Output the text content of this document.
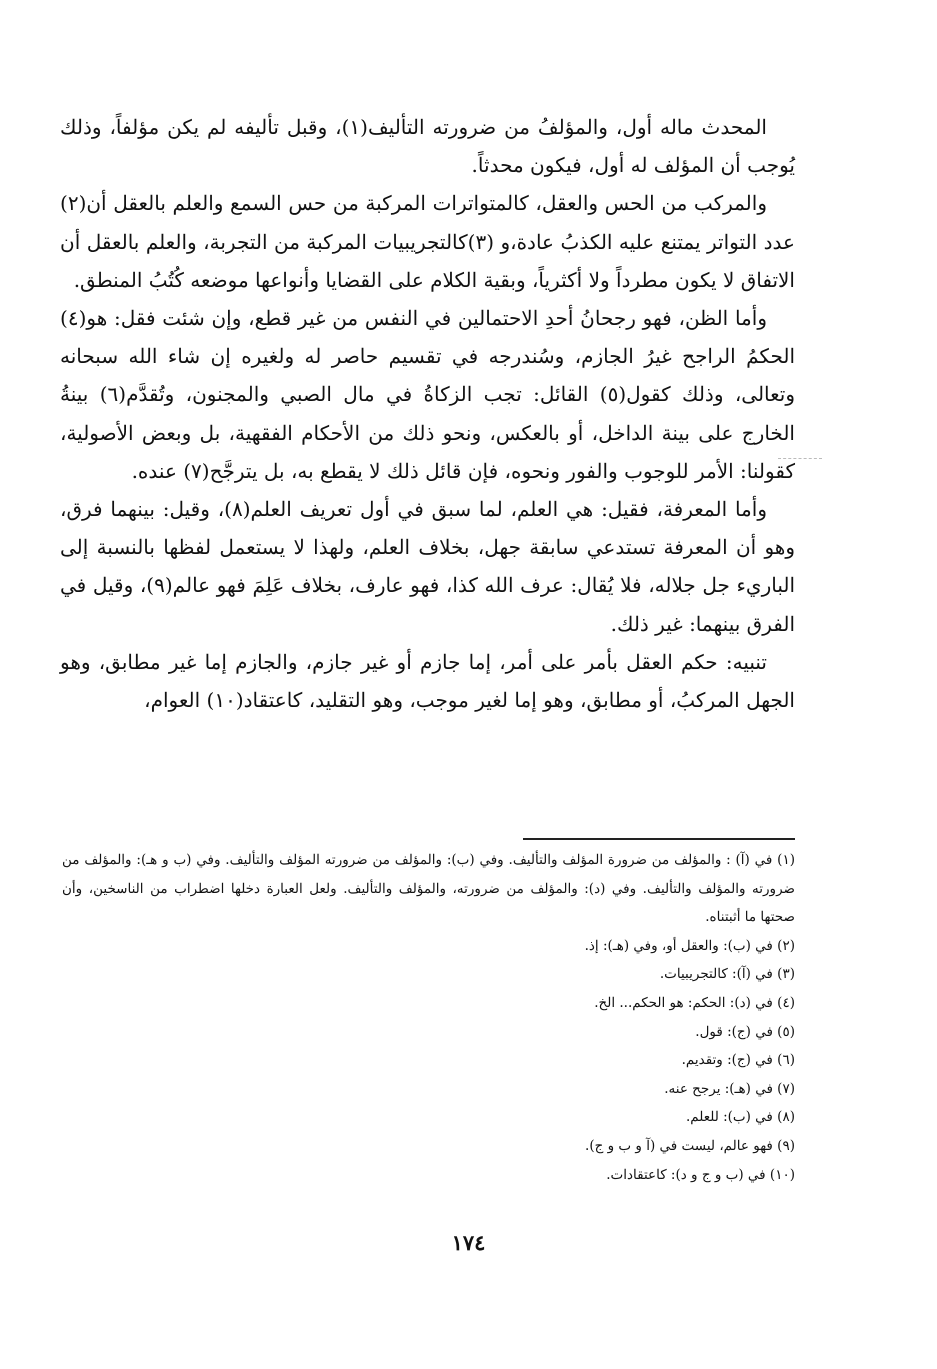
المحدث ماله أول، والمؤلفُ من ضرورته التأليف(١)، وقبل تأليفه لم يكن مؤلفاً، وذلك يُوجب أن المؤلف له أول، فيكون محدثاً.

والمركب من الحس والعقل، كالمتواترات المركبة من حس السمع والعلم بالعقل أن(٢) عدد التواتر يمتنع عليه الكذبُ عادة،و (٣)كالتجريبيات المركبة من التجربة، والعلم بالعقل أن الاتفاق لا يكون مطرداً ولا أكثرياً، وبقية الكلام على القضايا وأنواعها موضعه كُتُبُ المنطق.

وأما الظن، فهو رجحانُ أحدِ الاحتمالين في النفس من غير قطع، وإن شئت فقل: هو(٤) الحكمُ الراجح غيرُ الجازم، وسُندرجه في تقسيم حاصر له ولغيره إن شاء الله سبحانه وتعالى، وذلك كقول(٥) القائل: تجب الزكاةُ في مال الصبي والمجنون، وتُقدَّم(٦) بينةُ الخارج على بينة الداخل، أو بالعكس، ونحو ذلك من الأحكام الفقهية، بل وبعض الأصولية، كقولنا: الأمر للوجوب والفور ونحوه، فإن قائل ذلك لا يقطع به، بل يترجَّح(٧) عنده.

وأما المعرفة، فقيل: هي العلم، لما سبق في أول تعريف العلم(٨)، وقيل: بينهما فرق، وهو أن المعرفة تستدعي سابقة جهل، بخلاف العلم، ولهذا لا يستعمل لفظها بالنسبة إلى الباريء جل جلاله، فلا يُقال: عرف الله كذا، فهو عارف، بخلاف عَلِمَ فهو عالم(٩)، وقيل في الفرق بينهما: غير ذلك.

تنبيه: حكم العقل بأمر على أمر، إما جازم أو غير جازم، والجازم إما غير مطابق، وهو الجهل المركبُ، أو مطابق، وهو إما لغير موجب، وهو التقليد، كاعتقاد(١٠) العوام،

(١) في (آ) : والمؤلف من ضرورة المؤلف والتأليف. وفي (ب): والمؤلف من ضرورته المؤلف والتأليف. وفي (ب و هـ): والمؤلف من ضرورته والمؤلف والتأليف. وفي (د): والمؤلف من ضرورته، والمؤلف والتأليف. ولعل العبارة دخلها اضطراب من الناسخين، وأن صحتها ما أثبتناه.

(٢) في (ب): والعقل أو، وفي (هـ): إذ.

(٣) في (آ): كالتجريبيات.

(٤) في (د): الحكم: هو الحكم... الخ.

(٥) في (ج): قول.

(٦) في (ج): وتقديم.

(٧) في (هـ): يرجح عنه.

(٨) في (ب): للعلم.

(٩) فهو عالم، ليست في (آ و ب و ج).

(١٠) في (ب و ج و د): كاعتقادات.

١٧٤
